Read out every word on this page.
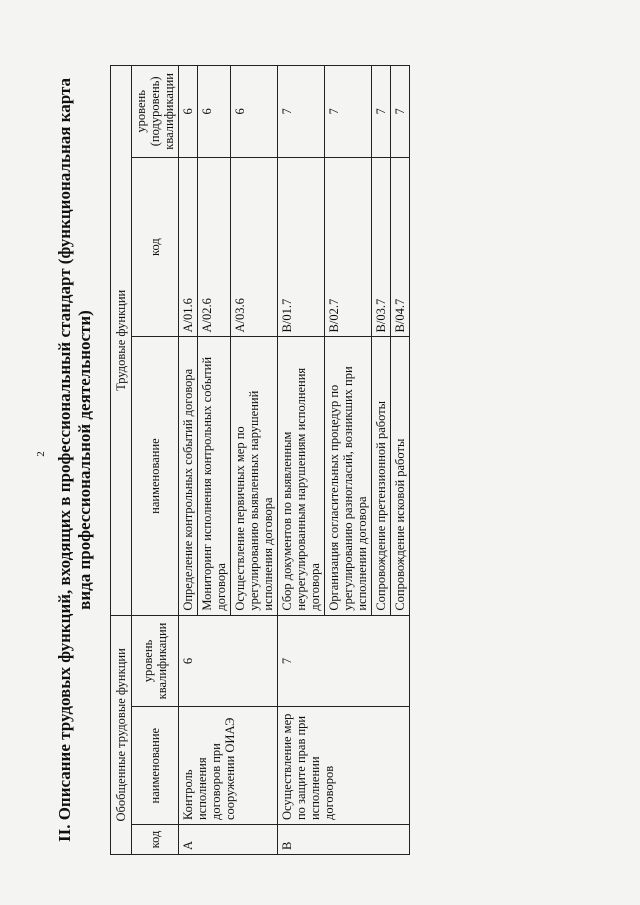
2 II. Описание трудовых функций, входящих в профессиональный стандарт (функциональная карта вида профессиональной деятельности)
Обобщенные трудовые функции			Трудовые функции		
код	наименование	уровень квалификации	наименование	код	уровень (подуровень) квалификации
A	Контроль исполнения договоров при сооружении ОИАЭ	6	Определение контрольных событий договора	A/01.6	6
			Мониторинг исполнения контрольных событий договора	A/02.6	6
			Осуществление первичных мер по урегулированию выявленных нарушений исполнения договора	A/03.6	6
B	Осуществление мер по защите прав при исполнении договоров	7	Сбор документов по выявленным неурегулированным нарушениям исполнения договора	B/01.7	7
			Организация согласительных процедур по урегулированию разногласий, возникших при исполнении договора	B/02.7	7
			Сопровождение претензионной работы	B/03.7	7
			Сопровождение исковой работы	B/04.7	7
